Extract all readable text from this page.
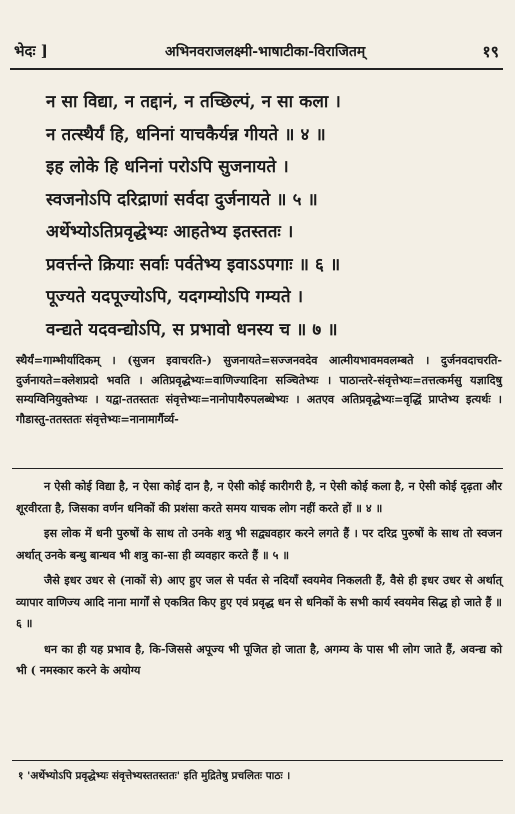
भेदः ]	अभिनवराजलक्ष्मी-भाषाटीका-विराजितम्	१९
न सा विद्या, न तद्दानं, न तच्छिल्पं, न सा कला ।
न तत्स्थैर्यं हि, धनिनां याचकैर्यन्न गीयते ॥ ४ ॥
इह लोके हि धनिनां परोऽपि सुजनायते ।
स्वजनोऽपि दरिद्राणां सर्वदा दुर्जनायते ॥ ५ ॥
अर्थेभ्योऽतिप्रवृद्धेभ्यः आहतेभ्य इतस्ततः ।
प्रवर्त्तन्ते क्रियाः सर्वाः पर्वतेभ्य इवाऽऽपगाः ॥ ६ ॥
पूज्यते यदपूज्योऽपि, यदगम्योऽपि गम्यते ।
वन्द्यते यदवन्द्योऽपि, स प्रभावो धनस्य च ॥ ७ ॥

स्थैर्यं=गाम्भीर्यादिकम् । (सुजन इवाचरति-) सुजनायते=सज्जनवदेव आत्मीयभावमवलम्बते । दुर्जनवदाचरति-दुर्जनायते=क्लेशप्रदो भवति । अतिप्रवृद्धेभ्यः=वाणिज्यादिना सञ्चितेभ्यः । पाठान्तरे-संवृत्तेभ्यः=तत्तत्कर्मसु यज्ञादिषु सम्यग्विनियुक्तेभ्यः । यद्वा-ततस्ततः संवृत्तेभ्यः=नानोपायैरुपलब्धेभ्यः । अतएव अतिप्रवृद्धेभ्यः=वृद्धिं प्राप्तेभ्य इत्यर्थः । गौडास्तु-ततस्ततः संवृत्तेभ्यः=नानामार्गैर्व्य-

न ऐसी कोई विद्या है, न ऐसा कोई दान है, न ऐसी कोई कारीगरी है, न ऐसी कोई कला है, न ऐसी कोई दृढ़ता और शूरवीरता है, जिसका वर्णन धनिकों की प्रशंसा करते समय याचक लोग नहीं करते हों ॥ ४ ॥

इस लोक में धनी पुरुषों के साथ तो उनके शत्रु भी सद्व्यवहार करने लगते हैं । पर दरिद्र पुरुषों के साथ तो स्वजन अर्थात् उनके बन्धु बान्धव भी शत्रु का-सा ही व्यवहार करते हैं ॥ ५ ॥

जैसे इधर उधर से (नाकों से) आए हुए जल से पर्वत से नदियाँ स्वयमेव निकलती हैं, वैसे ही इधर उधर से अर्थात् व्यापार वाणिज्य आदि नाना मार्गों से एकत्रित किए हुए एवं प्रवृद्ध धन से धनिकों के सभी कार्य स्वयमेव सिद्ध हो जाते हैं ॥ ६ ॥

धन का ही यह प्रभाव है, कि-जिससे अपूज्य भी पूजित हो जाता है, अगम्य के पास भी लोग जाते हैं, अवन्द्य को भी ( नमस्कार करने के अयोग्य

१ 'अर्थेभ्योऽपि प्रवृद्धेभ्यः संवृत्तेभ्यस्ततस्ततः' इति मुद्रितेषु प्रचलितः पाठः ।
